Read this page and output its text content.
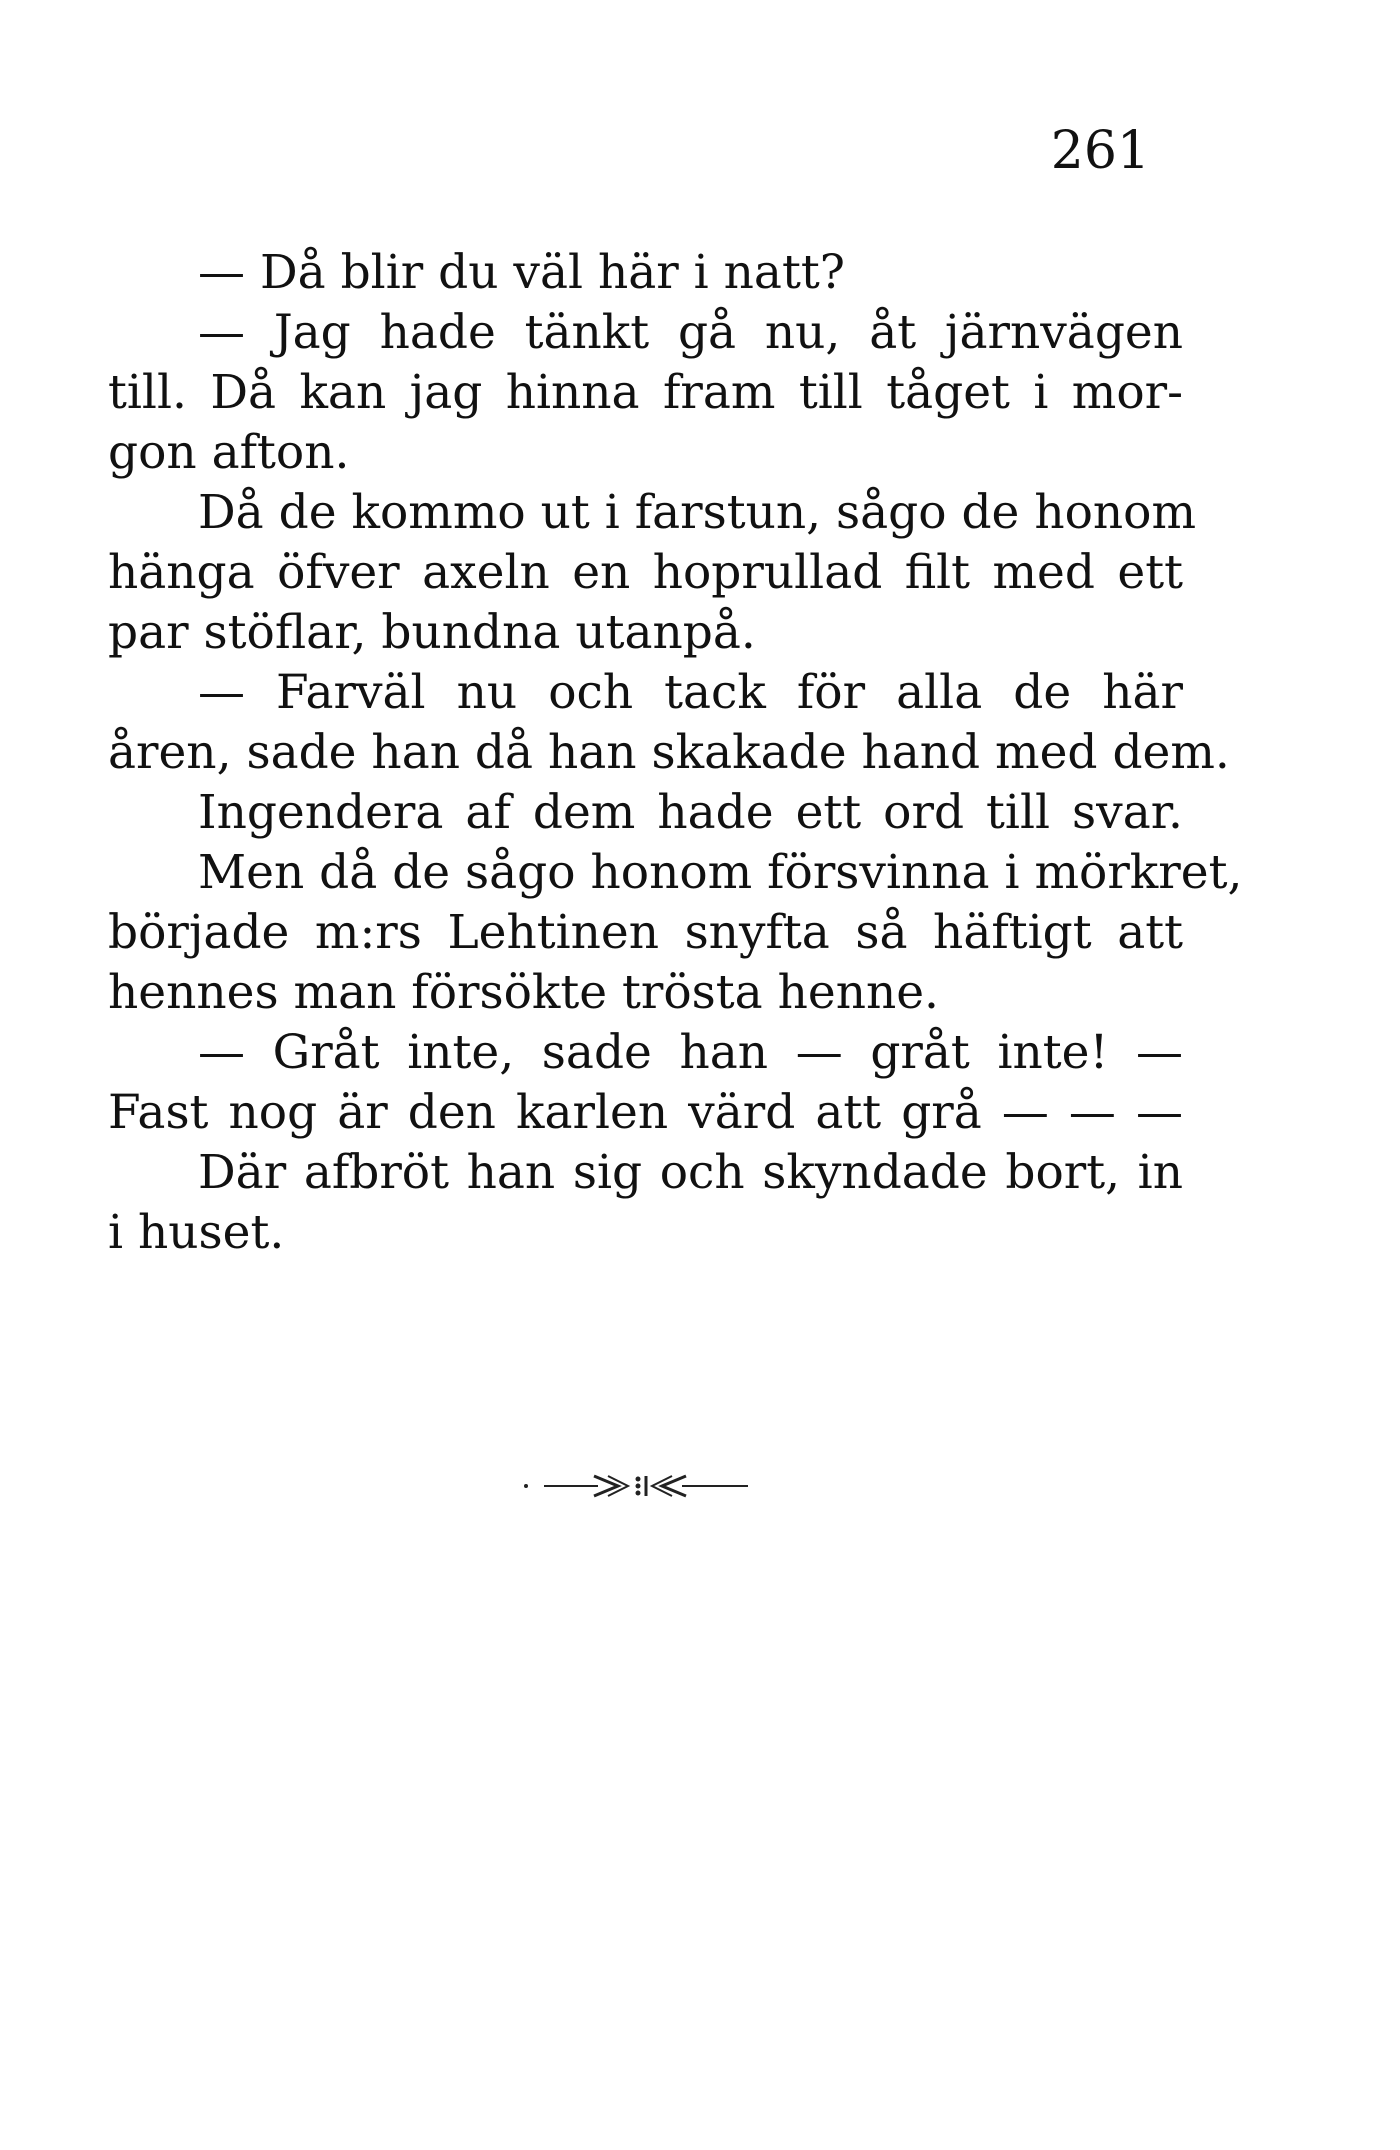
261
— Då blir du väl här i natt?
— Jag hade tänkt gå nu, åt järnvägen
till. Då kan jag hinna fram till tåget i mor-
gon afton.
Då de kommo ut i farstun, sågo de honom
hänga öfver axeln en hoprullad filt med ett
par stöflar, bundna utanpå.
— Farväl nu och tack för alla de här
åren, sade han då han skakade hand med dem.
Ingendera af dem hade ett ord till svar.
Men då de sågo honom försvinna i mörkret,
började m:rs Lehtinen snyfta så häftigt att
hennes man försökte trösta henne.
— Gråt inte, sade han — gråt inte! —
Fast nog är den karlen värd att grå — — —
Där afbröt han sig och skyndade bort, in
i huset.
